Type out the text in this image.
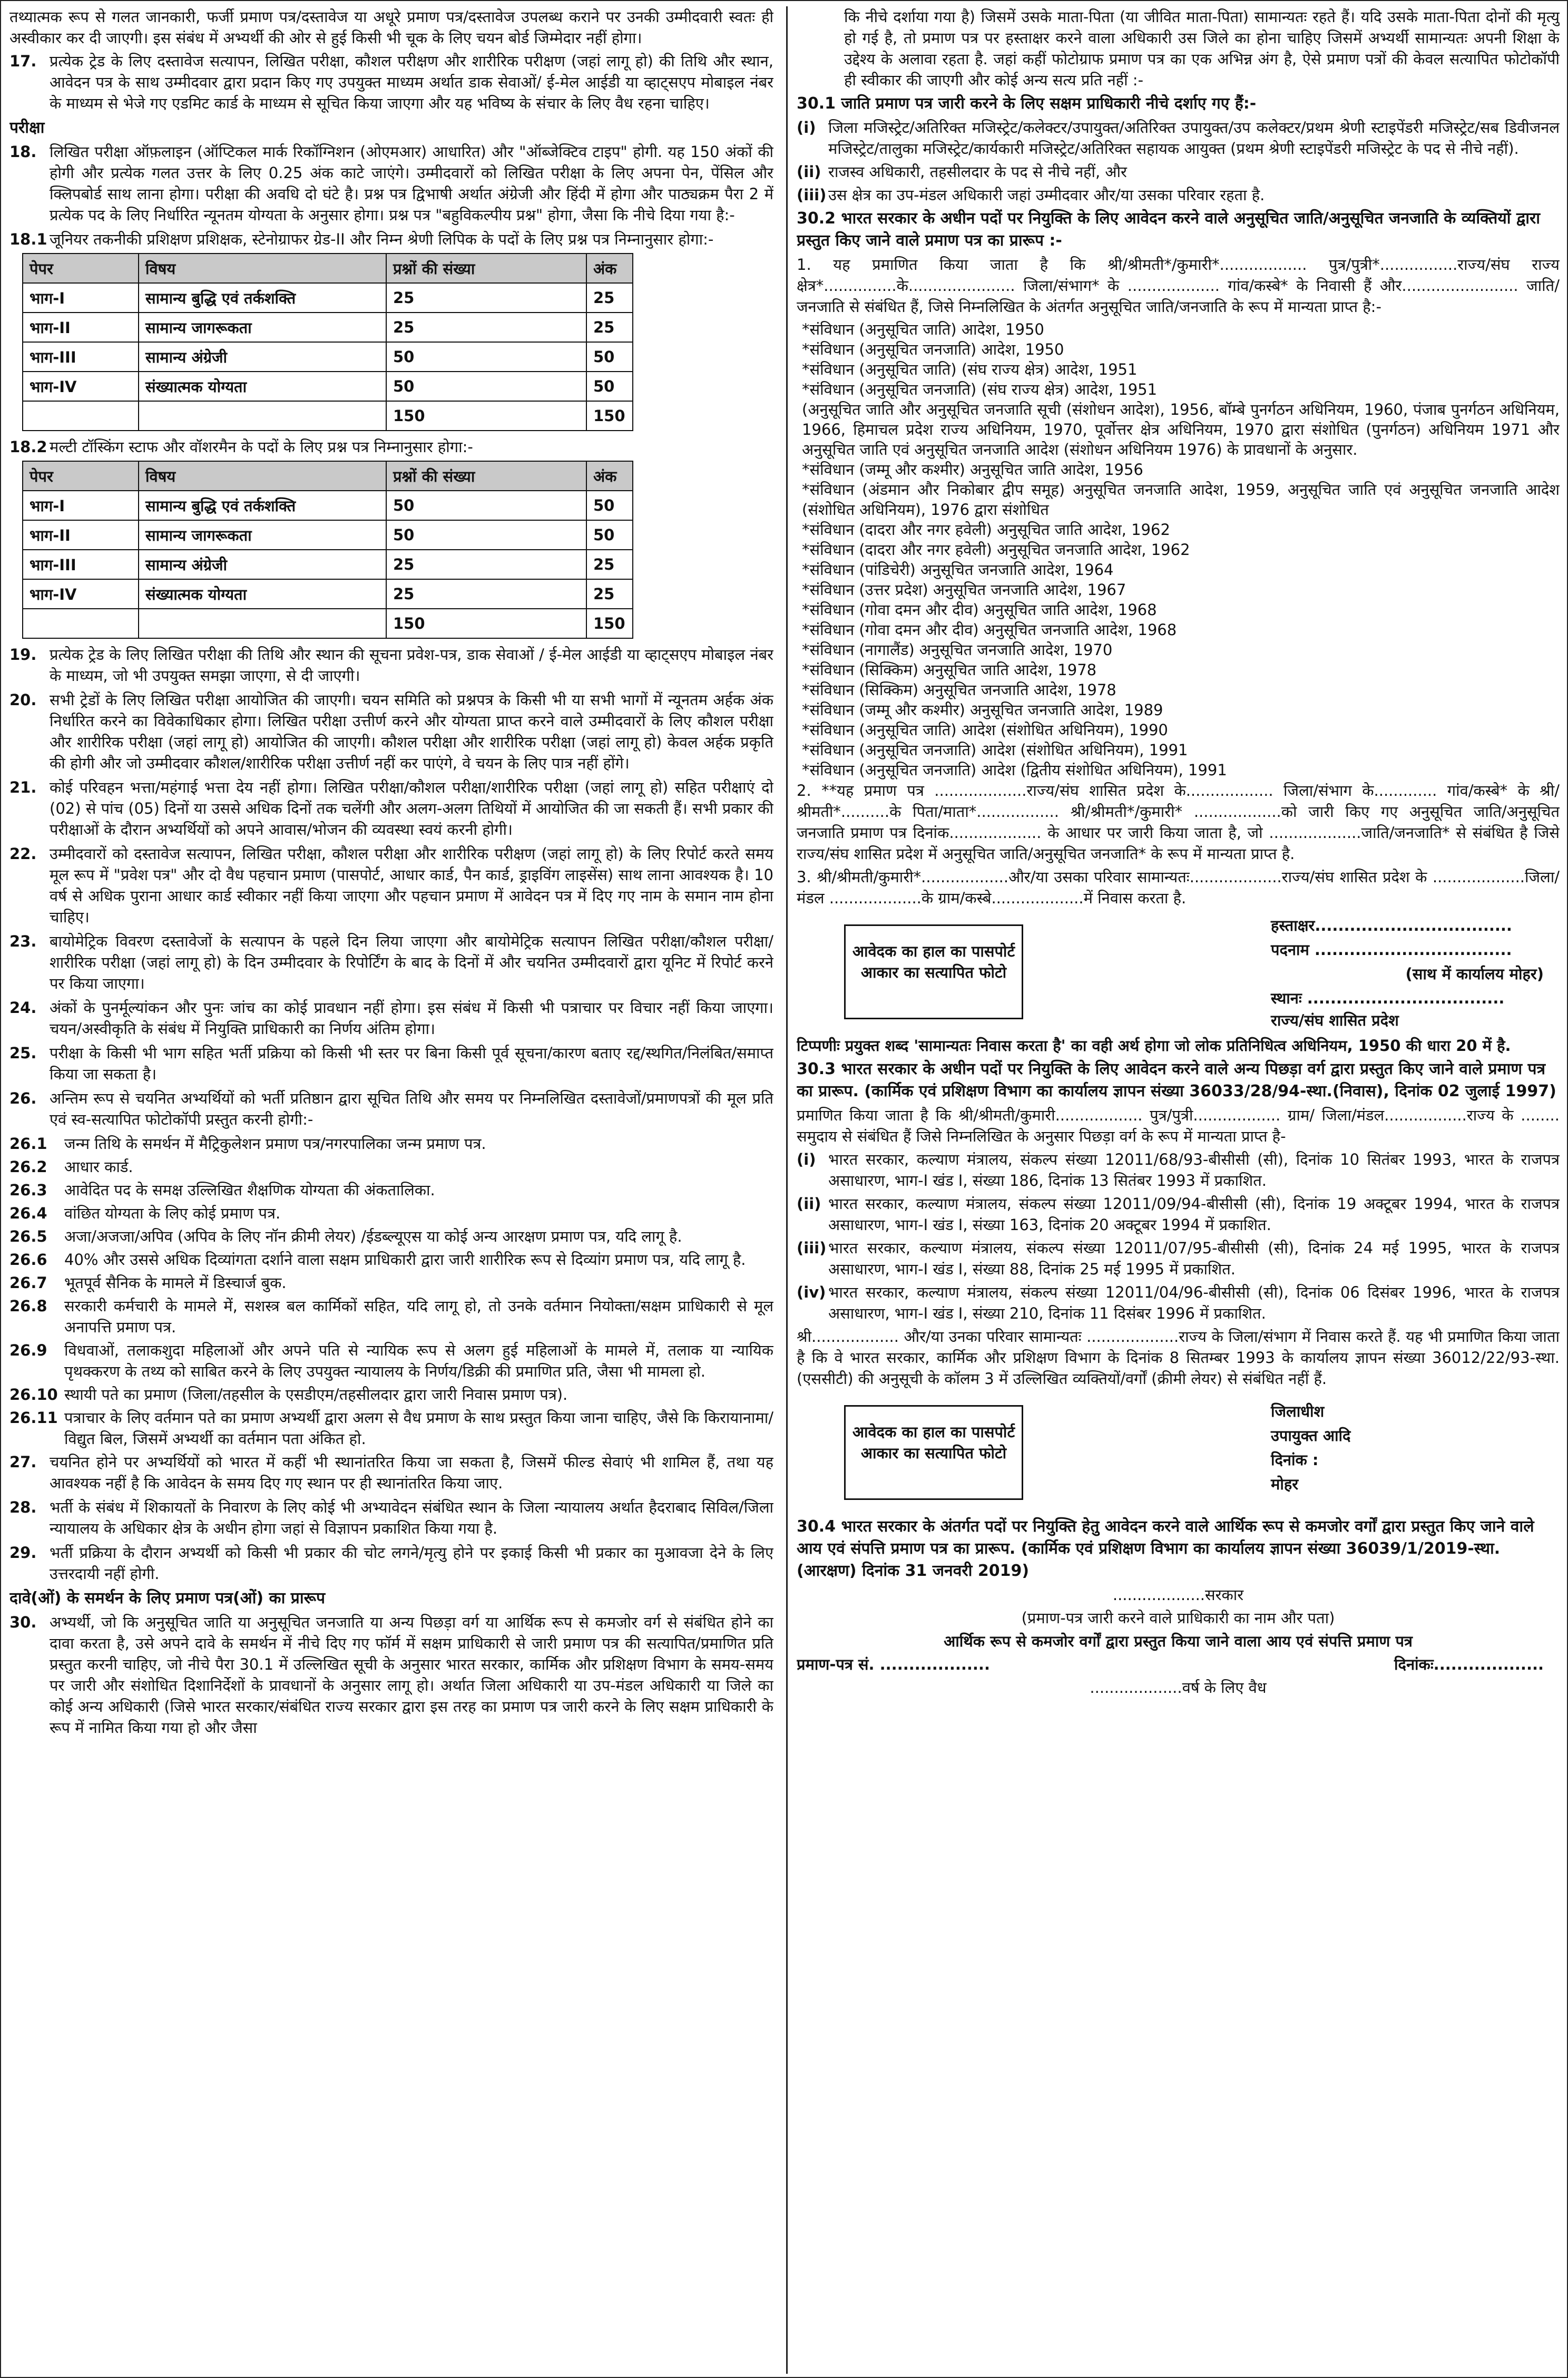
तथ्यात्मक रूप से गलत जानकारी, फर्जी प्रमाण पत्र/दस्तावेज या अधूरे प्रमाण पत्र/दस्तावेज उपलब्ध कराने पर उनकी उम्मीदवारी स्वतः ही अस्वीकार कर दी जाएगी। इस संबंध में अभ्यर्थी की ओर से हुई किसी भी चूक के लिए चयन बोर्ड जिम्मेदार नहीं होगा।
17. प्रत्येक ट्रेड के लिए दस्तावेज सत्यापन, लिखित परीक्षा, कौशल परीक्षण और शारीरिक परीक्षण (जहां लागू हो) की तिथि और स्थान, आवेदन पत्र के साथ उम्मीदवार द्वारा प्रदान किए गए उपयुक्त माध्यम अर्थात डाक सेवाओं/ ई-मेल आईडी या व्हाट्सएप मोबाइल नंबर के माध्यम से भेजे गए एडमिट कार्ड के माध्यम से सूचित किया जाएगा और यह भविष्य के संचार के लिए वैध रहना चाहिए।
परीक्षा
18. लिखित परीक्षा ऑफ़लाइन (ऑप्टिकल मार्क रिकॉग्निशन (ओएमआर) आधारित) और "ऑब्जेक्टिव टाइप" होगी. यह 150 अंकों की होगी और प्रत्येक गलत उत्तर के लिए 0.25 अंक काटे जाएंगे। उम्मीदवारों को लिखित परीक्षा के लिए अपना पेन, पेंसिल और क्लिपबोर्ड साथ लाना होगा। परीक्षा की अवधि दो घंटे है। प्रश्न पत्र द्विभाषी अर्थात अंग्रेजी और हिंदी में होगा और पाठ्यक्रम पैरा 2 में प्रत्येक पद के लिए निर्धारित न्यूनतम योग्यता के अनुसार होगा। प्रश्न पत्र "बहुविकल्पीय प्रश्न" होगा, जैसा कि नीचे दिया गया है:-
18.1 जूनियर तकनीकी प्रशिक्षण प्रशिक्षक, स्टेनोग्राफर ग्रेड-II और निम्न श्रेणी लिपिक के पदों के लिए प्रश्न पत्र निम्नानुसार होगा:-
पेपर	विषय	प्रश्नों की संख्या	अंक
भाग-I	सामान्य बुद्धि एवं तर्कशक्ति	25	25
भाग-II	सामान्य जागरूकता	25	25
भाग-III	सामान्य अंग्रेजी	50	50
भाग-IV	संख्यात्मक योग्यता	50	50
		150	150
18.2 मल्टी टॉस्किंग स्टाफ और वॉशरमैन के पदों के लिए प्रश्न पत्र निम्नानुसार होगा:-
पेपर	विषय	प्रश्नों की संख्या	अंक
भाग-I	सामान्य बुद्धि एवं तर्कशक्ति	50	50
भाग-II	सामान्य जागरूकता	50	50
भाग-III	सामान्य अंग्रेजी	25	25
भाग-IV	संख्यात्मक योग्यता	25	25
		150	150
19. प्रत्येक ट्रेड के लिए लिखित परीक्षा की तिथि और स्थान की सूचना प्रवेश-पत्र, डाक सेवाओं / ई-मेल आईडी या व्हाट्सएप मोबाइल नंबर के माध्यम, जो भी उपयुक्त समझा जाएगा, से दी जाएगी।
20. सभी ट्रेडों के लिए लिखित परीक्षा आयोजित की जाएगी। चयन समिति को प्रश्नपत्र के किसी भी या सभी भागों में न्यूनतम अर्हक अंक निर्धारित करने का विवेकाधिकार होगा। लिखित परीक्षा उत्तीर्ण करने और योग्यता प्राप्त करने वाले उम्मीदवारों के लिए कौशल परीक्षा और शारीरिक परीक्षा (जहां लागू हो) आयोजित की जाएगी। कौशल परीक्षा और शारीरिक परीक्षा (जहां लागू हो) केवल अर्हक प्रकृति की होगी और जो उम्मीदवार कौशल/शारीरिक परीक्षा उत्तीर्ण नहीं कर पाएंगे, वे चयन के लिए पात्र नहीं होंगे।
21. कोई परिवहन भत्ता/महंगाई भत्ता देय नहीं होगा। लिखित परीक्षा/कौशल परीक्षा/शारीरिक परीक्षा (जहां लागू हो) सहित परीक्षाएं दो (02) से पांच (05) दिनों या उससे अधिक दिनों तक चलेंगी और अलग-अलग तिथियों में आयोजित की जा सकती हैं। सभी प्रकार की परीक्षाओं के दौरान अभ्यर्थियों को अपने आवास/भोजन की व्यवस्था स्वयं करनी होगी।
22. उम्मीदवारों को दस्तावेज सत्यापन, लिखित परीक्षा, कौशल परीक्षा और शारीरिक परीक्षण (जहां लागू हो) के लिए रिपोर्ट करते समय मूल रूप में "प्रवेश पत्र" और दो वैध पहचान प्रमाण (पासपोर्ट, आधार कार्ड, पैन कार्ड, ड्राइविंग लाइसेंस) साथ लाना आवश्यक है। 10 वर्ष से अधिक पुराना आधार कार्ड स्वीकार नहीं किया जाएगा और पहचान प्रमाण में आवेदन पत्र में दिए गए नाम के समान नाम होना चाहिए।
23. बायोमेट्रिक विवरण दस्तावेजों के सत्यापन के पहले दिन लिया जाएगा और बायोमेट्रिक सत्यापन लिखित परीक्षा/कौशल परीक्षा/शारीरिक परीक्षा (जहां लागू हो) के दिन उम्मीदवार के रिपोर्टिंग के बाद के दिनों में और चयनित उम्मीदवारों द्वारा यूनिट में रिपोर्ट करने पर किया जाएगा।
24. अंकों के पुनर्मूल्यांकन और पुनः जांच का कोई प्रावधान नहीं होगा। इस संबंध में किसी भी पत्राचार पर विचार नहीं किया जाएगा। चयन/अस्वीकृति के संबंध में नियुक्ति प्राधिकारी का निर्णय अंतिम होगा।
25. परीक्षा के किसी भी भाग सहित भर्ती प्रक्रिया को किसी भी स्तर पर बिना किसी पूर्व सूचना/कारण बताए रद्द/स्थगित/निलंबित/समाप्त किया जा सकता है।
26. अन्तिम रूप से चयनित अभ्यर्थियों को भर्ती प्रतिष्ठान द्वारा सूचित तिथि और समय पर निम्नलिखित दस्तावेजों/प्रमाणपत्रों की मूल प्रति एवं स्व-सत्यापित फोटोकॉपी प्रस्तुत करनी होगी:-
26.1 जन्म तिथि के समर्थन में मैट्रिकुलेशन प्रमाण पत्र/नगरपालिका जन्म प्रमाण पत्र.
26.2 आधार कार्ड.
26.3 आवेदित पद के समक्ष उल्लिखित शैक्षणिक योग्यता की अंकतालिका.
26.4 वांछित योग्यता के लिए कोई प्रमाण पत्र.
26.5 अजा/अजजा/अपिव (अपिव के लिए नॉन क्रीमी लेयर) /ईडब्ल्यूएस या कोई अन्य आरक्षण प्रमाण पत्र, यदि लागू है.
26.6 40% और उससे अधिक दिव्यांगता दर्शाने वाला सक्षम प्राधिकारी द्वारा जारी शारीरिक रूप से दिव्यांग प्रमाण पत्र, यदि लागू है.
26.7 भूतपूर्व सैनिक के मामले में डिस्चार्ज बुक.
26.8 सरकारी कर्मचारी के मामले में, सशस्त्र बल कार्मिकों सहित, यदि लागू हो, तो उनके वर्तमान नियोक्ता/सक्षम प्राधिकारी से मूल अनापत्ति प्रमाण पत्र.
26.9 विधवाओं, तलाकशुदा महिलाओं और अपने पति से न्यायिक रूप से अलग हुई महिलाओं के मामले में, तलाक या न्यायिक पृथक्करण के तथ्य को साबित करने के लिए उपयुक्त न्यायालय के निर्णय/डिक्री की प्रमाणित प्रति, जैसा भी मामला हो.
26.10 स्थायी पते का प्रमाण (जिला/तहसील के एसडीएम/तहसीलदार द्वारा जारी निवास प्रमाण पत्र).
26.11 पत्राचार के लिए वर्तमान पते का प्रमाण अभ्यर्थी द्वारा अलग से वैध प्रमाण के साथ प्रस्तुत किया जाना चाहिए, जैसे कि किरायानामा/विद्युत बिल, जिसमें अभ्यर्थी का वर्तमान पता अंकित हो.
27. चयनित होने पर अभ्यर्थियों को भारत में कहीं भी स्थानांतरित किया जा सकता है, जिसमें फील्ड सेवाएं भी शामिल हैं, तथा यह आवश्यक नहीं है कि आवेदन के समय दिए गए स्थान पर ही स्थानांतरित किया जाए.
28. भर्ती के संबंध में शिकायतों के निवारण के लिए कोई भी अभ्यावेदन संबंधित स्थान के जिला न्यायालय अर्थात हैदराबाद सिविल/जिला न्यायालय के अधिकार क्षेत्र के अधीन होगा जहां से विज्ञापन प्रकाशित किया गया है.
29. भर्ती प्रक्रिया के दौरान अभ्यर्थी को किसी भी प्रकार की चोट लगने/मृत्यु होने पर इकाई किसी भी प्रकार का मुआवजा देने के लिए उत्तरदायी नहीं होगी.
दावे(ओं) के समर्थन के लिए प्रमाण पत्र(ओं) का प्रारूप
30. अभ्यर्थी, जो कि अनुसूचित जाति या अनुसूचित जनजाति या अन्य पिछड़ा वर्ग या आर्थिक रूप से कमजोर वर्ग से संबंधित होने का दावा करता है, उसे अपने दावे के समर्थन में नीचे दिए गए फॉर्म में सक्षम प्राधिकारी से जारी प्रमाण पत्र की सत्यापित/प्रमाणित प्रति प्रस्तुत करनी चाहिए, जो नीचे पैरा 30.1 में उल्लिखित सूची के अनुसार भारत सरकार, कार्मिक और प्रशिक्षण विभाग के समय-समय पर जारी और संशोधित दिशानिर्देशों के प्रावधानों के अनुसार लागू हो। अर्थात जिला अधिकारी या उप-मंडल अधिकारी या जिले का कोई अन्य अधिकारी (जिसे भारत सरकार/संबंधित राज्य सरकार द्वारा इस तरह का प्रमाण पत्र जारी करने के लिए सक्षम प्राधिकारी के रूप में नामित किया गया हो और जैसा
कि नीचे दर्शाया गया है) जिसमें उसके माता-पिता (या जीवित माता-पिता) सामान्यतः रहते हैं। यदि उसके माता-पिता दोनों की मृत्यु हो गई है, तो प्रमाण पत्र पर हस्ताक्षर करने वाला अधिकारी उस जिले का होना चाहिए जिसमें अभ्यर्थी सामान्यतः अपनी शिक्षा के उद्देश्य के अलावा रहता है. जहां कहीं फोटोग्राफ प्रमाण पत्र का एक अभिन्न अंग है, ऐसे प्रमाण पत्रों की केवल सत्यापित फोटोकॉपी ही स्वीकार की जाएगी और कोई अन्य सत्य प्रति नहीं :-
30.1 जाति प्रमाण पत्र जारी करने के लिए सक्षम प्राधिकारी नीचे दर्शाए गए हैं:-
(i) जिला मजिस्ट्रेट/अतिरिक्त मजिस्ट्रेट/कलेक्टर/उपायुक्त/अतिरिक्त उपायुक्त/उप कलेक्टर/प्रथम श्रेणी स्टाइपेंडरी मजिस्ट्रेट/सब डिवीजनल मजिस्ट्रेट/तालुका मजिस्ट्रेट/कार्यकारी मजिस्ट्रेट/अतिरिक्त सहायक आयुक्त (प्रथम श्रेणी स्टाइपेंडरी मजिस्ट्रेट के पद से नीचे नहीं).
(ii) राजस्व अधिकारी, तहसीलदार के पद से नीचे नहीं, और
(iii) उस क्षेत्र का उप-मंडल अधिकारी जहां उम्मीदवार और/या उसका परिवार रहता है.
30.2 भारत सरकार के अधीन पदों पर नियुक्ति के लिए आवेदन करने वाले अनुसूचित जाति/अनुसूचित जनजाति के व्यक्तियों द्वारा प्रस्तुत किए जाने वाले प्रमाण पत्र का प्रारूप :-
1. यह प्रमाणित किया जाता है कि श्री/श्रीमती*/कुमारी*.................. पुत्र/पुत्री*................राज्य/संघ राज्य क्षेत्र*...............के...................... जिला/संभाग* के ................... गांव/कस्बे* के निवासी हैं और........................ जाति/जनजाति से संबंधित हैं, जिसे निम्नलिखित के अंतर्गत अनुसूचित जाति/जनजाति के रूप में मान्यता प्राप्त है:-
*संविधान (अनुसूचित जाति) आदेश, 1950
*संविधान (अनुसूचित जनजाति) आदेश, 1950
*संविधान (अनुसूचित जाति) (संघ राज्य क्षेत्र) आदेश, 1951
*संविधान (अनुसूचित जनजाति) (संघ राज्य क्षेत्र) आदेश, 1951
(अनुसूचित जाति और अनुसूचित जनजाति सूची (संशोधन आदेश), 1956, बॉम्बे पुनर्गठन अधिनियम, 1960, पंजाब पुनर्गठन अधिनियम, 1966, हिमाचल प्रदेश राज्य अधिनियम, 1970, पूर्वोत्तर क्षेत्र अधिनियम, 1970 द्वारा संशोधित (पुनर्गठन) अधिनियम 1971 और अनुसूचित जाति एवं अनुसूचित जनजाति आदेश (संशोधन अधिनियम 1976) के प्रावधानों के अनुसार.
*संविधान (जम्मू और कश्मीर) अनुसूचित जाति आदेश, 1956
*संविधान (अंडमान और निकोबार द्वीप समूह) अनुसूचित जनजाति आदेश, 1959, अनुसूचित जाति एवं अनुसूचित जनजाति आदेश (संशोधित अधिनियम), 1976 द्वारा संशोधित
*संविधान (दादरा और नगर हवेली) अनुसूचित जाति आदेश, 1962
*संविधान (दादरा और नगर हवेली) अनुसूचित जनजाति आदेश, 1962
*संविधान (पांडिचेरी) अनुसूचित जनजाति आदेश, 1964
*संविधान (उत्तर प्रदेश) अनुसूचित जनजाति आदेश, 1967
*संविधान (गोवा दमन और दीव) अनुसूचित जाति आदेश, 1968
*संविधान (गोवा दमन और दीव) अनुसूचित जनजाति आदेश, 1968
*संविधान (नागालैंड) अनुसूचित जनजाति आदेश, 1970
*संविधान (सिक्किम) अनुसूचित जाति आदेश, 1978
*संविधान (सिक्किम) अनुसूचित जनजाति आदेश, 1978
*संविधान (जम्मू और कश्मीर) अनुसूचित जनजाति आदेश, 1989
*संविधान (अनुसूचित जाति) आदेश (संशोधित अधिनियम), 1990
*संविधान (अनुसूचित जनजाति) आदेश (संशोधित अधिनियम), 1991
*संविधान (अनुसूचित जनजाति) आदेश (द्वितीय संशोधित अधिनियम), 1991
2. **यह प्रमाण पत्र ...................राज्य/संघ शासित प्रदेश के.................. जिला/संभाग के............. गांव/कस्बे* के श्री/श्रीमती*..........के पिता/माता*................. श्री/श्रीमती*/कुमारी* ..................को जारी किए गए अनुसूचित जाति/अनुसूचित जनजाति प्रमाण पत्र दिनांक................... के आधार पर जारी किया जाता है, जो ...................जाति/जनजाति* से संबंधित है जिसे राज्य/संघ शासित प्रदेश में अनुसूचित जाति/अनुसूचित जनजाति* के रूप में मान्यता प्राप्त है.
3. श्री/श्रीमती/कुमारी*..................और/या उसका परिवार सामान्यतः...................राज्य/संघ शासित प्रदेश के ...................जिला/मंडल ...................के ग्राम/कस्बे...................में निवास करता है.
आवेदक का हाल का पासपोर्ट आकार का सत्यापित फोटो
हस्ताक्षर..................................
पदनाम ..................................
(साथ में कार्यालय मोहर)
स्थानः ..................................
राज्य/संघ शासित प्रदेश
टिप्पणीः प्रयुक्त शब्द 'सामान्यतः निवास करता है' का वही अर्थ होगा जो लोक प्रतिनिधित्व अधिनियम, 1950 की धारा 20 में है.
30.3 भारत सरकार के अधीन पदों पर नियुक्ति के लिए आवेदन करने वाले अन्य पिछड़ा वर्ग द्वारा प्रस्तुत किए जाने वाले प्रमाण पत्र का प्रारूप. (कार्मिक एवं प्रशिक्षण विभाग का कार्यालय ज्ञापन संख्या 36033/28/94-स्था.(निवास), दिनांक 02 जुलाई 1997)
प्रमाणित किया जाता है कि श्री/श्रीमती/कुमारी.................. पुत्र/पुत्री.................. ग्राम/ जिला/मंडल.................राज्य के ........ समुदाय से संबंधित हैं जिसे निम्नलिखित के अनुसार पिछड़ा वर्ग के रूप में मान्यता प्राप्त है-
(i) भारत सरकार, कल्याण मंत्रालय, संकल्प संख्या 12011/68/93-बीसीसी (सी), दिनांक 10 सितंबर 1993, भारत के राजपत्र असाधारण, भाग-I खंड I, संख्या 186, दिनांक 13 सितंबर 1993 में प्रकाशित.
(ii) भारत सरकार, कल्याण मंत्रालय, संकल्प संख्या 12011/09/94-बीसीसी (सी), दिनांक 19 अक्टूबर 1994, भारत के राजपत्र असाधारण, भाग-I खंड I, संख्या 163, दिनांक 20 अक्टूबर 1994 में प्रकाशित.
(iii) भारत सरकार, कल्याण मंत्रालय, संकल्प संख्या 12011/07/95-बीसीसी (सी), दिनांक 24 मई 1995, भारत के राजपत्र असाधारण, भाग-I खंड I, संख्या 88, दिनांक 25 मई 1995 में प्रकाशित.
(iv) भारत सरकार, कल्याण मंत्रालय, संकल्प संख्या 12011/04/96-बीसीसी (सी), दिनांक 06 दिसंबर 1996, भारत के राजपत्र असाधारण, भाग-I खंड I, संख्या 210, दिनांक 11 दिसंबर 1996 में प्रकाशित.
श्री.................. और/या उनका परिवार सामान्यतः ...................राज्य के जिला/संभाग में निवास करते हैं. यह भी प्रमाणित किया जाता है कि वे भारत सरकार, कार्मिक और प्रशिक्षण विभाग के दिनांक 8 सितम्बर 1993 के कार्यालय ज्ञापन संख्या 36012/22/93-स्था. (एससीटी) की अनुसूची के कॉलम 3 में उल्लिखित व्यक्तियों/वर्गों (क्रीमी लेयर) से संबंधित नहीं हैं.
आवेदक का हाल का पासपोर्ट आकार का सत्यापित फोटो
जिलाधीश
उपायुक्त आदि
दिनांक :
मोहर
30.4 भारत सरकार के अंतर्गत पदों पर नियुक्ति हेतु आवेदन करने वाले आर्थिक रूप से कमजोर वर्गों द्वारा प्रस्तुत किए जाने वाले आय एवं संपत्ति प्रमाण पत्र का प्रारूप. (कार्मिक एवं प्रशिक्षण विभाग का कार्यालय ज्ञापन संख्या 36039/1/2019-स्था. (आरक्षण) दिनांक 31 जनवरी 2019)
...................सरकार
(प्रमाण-पत्र जारी करने वाले प्राधिकारी का नाम और पता)
आर्थिक रूप से कमजोर वर्गों द्वारा प्रस्तुत किया जाने वाला आय एवं संपत्ति प्रमाण पत्र
प्रमाण-पत्र सं. ...................	दिनांकः...................
...................वर्ष के लिए वैध
